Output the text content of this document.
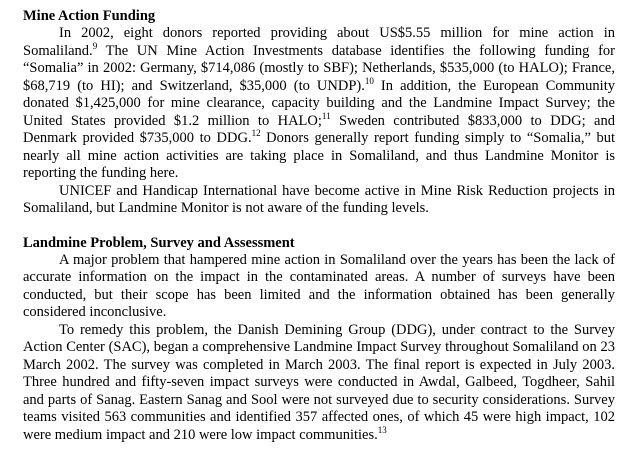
Mine Action Funding

In 2002, eight donors reported providing about US$5.55 million for mine action in Somaliland.$^9$ The UN Mine Action Investments database identifies the following funding for “Somalia” in 2002: Germany, $714,086 (mostly to SBF); Netherlands, $535,000 (to HALO); France, $68,719 (to HI); and Switzerland, $35,000 (to UNDP).$^{10}$ In addition, the European Community donated $1,425,000 for mine clearance, capacity building and the Landmine Impact Survey; the United States provided $1.2 million to HALO;$^{11}$ Sweden contributed $833,000 to DDG; and Denmark provided $735,000 to DDG.$^{12}$ Donors generally report funding simply to “Somalia,” but nearly all mine action activities are taking place in Somaliland, and thus Landmine Monitor is reporting the funding here.

UNICEF and Handicap International have become active in Mine Risk Reduction projects in Somaliland, but Landmine Monitor is not aware of the funding levels.

Landmine Problem, Survey and Assessment

A major problem that hampered mine action in Somaliland over the years has been the lack of accurate information on the impact in the contaminated areas. A number of surveys have been conducted, but their scope has been limited and the information obtained has been generally considered inconclusive.

To remedy this problem, the Danish Demining Group (DDG), under contract to the Survey Action Center (SAC), began a comprehensive Landmine Impact Survey throughout Somaliland on 23 March 2002. The survey was completed in March 2003. The final report is expected in July 2003. Three hundred and fifty-seven impact surveys were conducted in Awdal, Galbeed, Togdheer, Sahil and parts of Sanag. Eastern Sanag and Sool were not surveyed due to security considerations. Survey teams visited 563 communities and identified 357 affected ones, of which 45 were high impact, 102 were medium impact and 210 were low impact communities.$^{13}$
